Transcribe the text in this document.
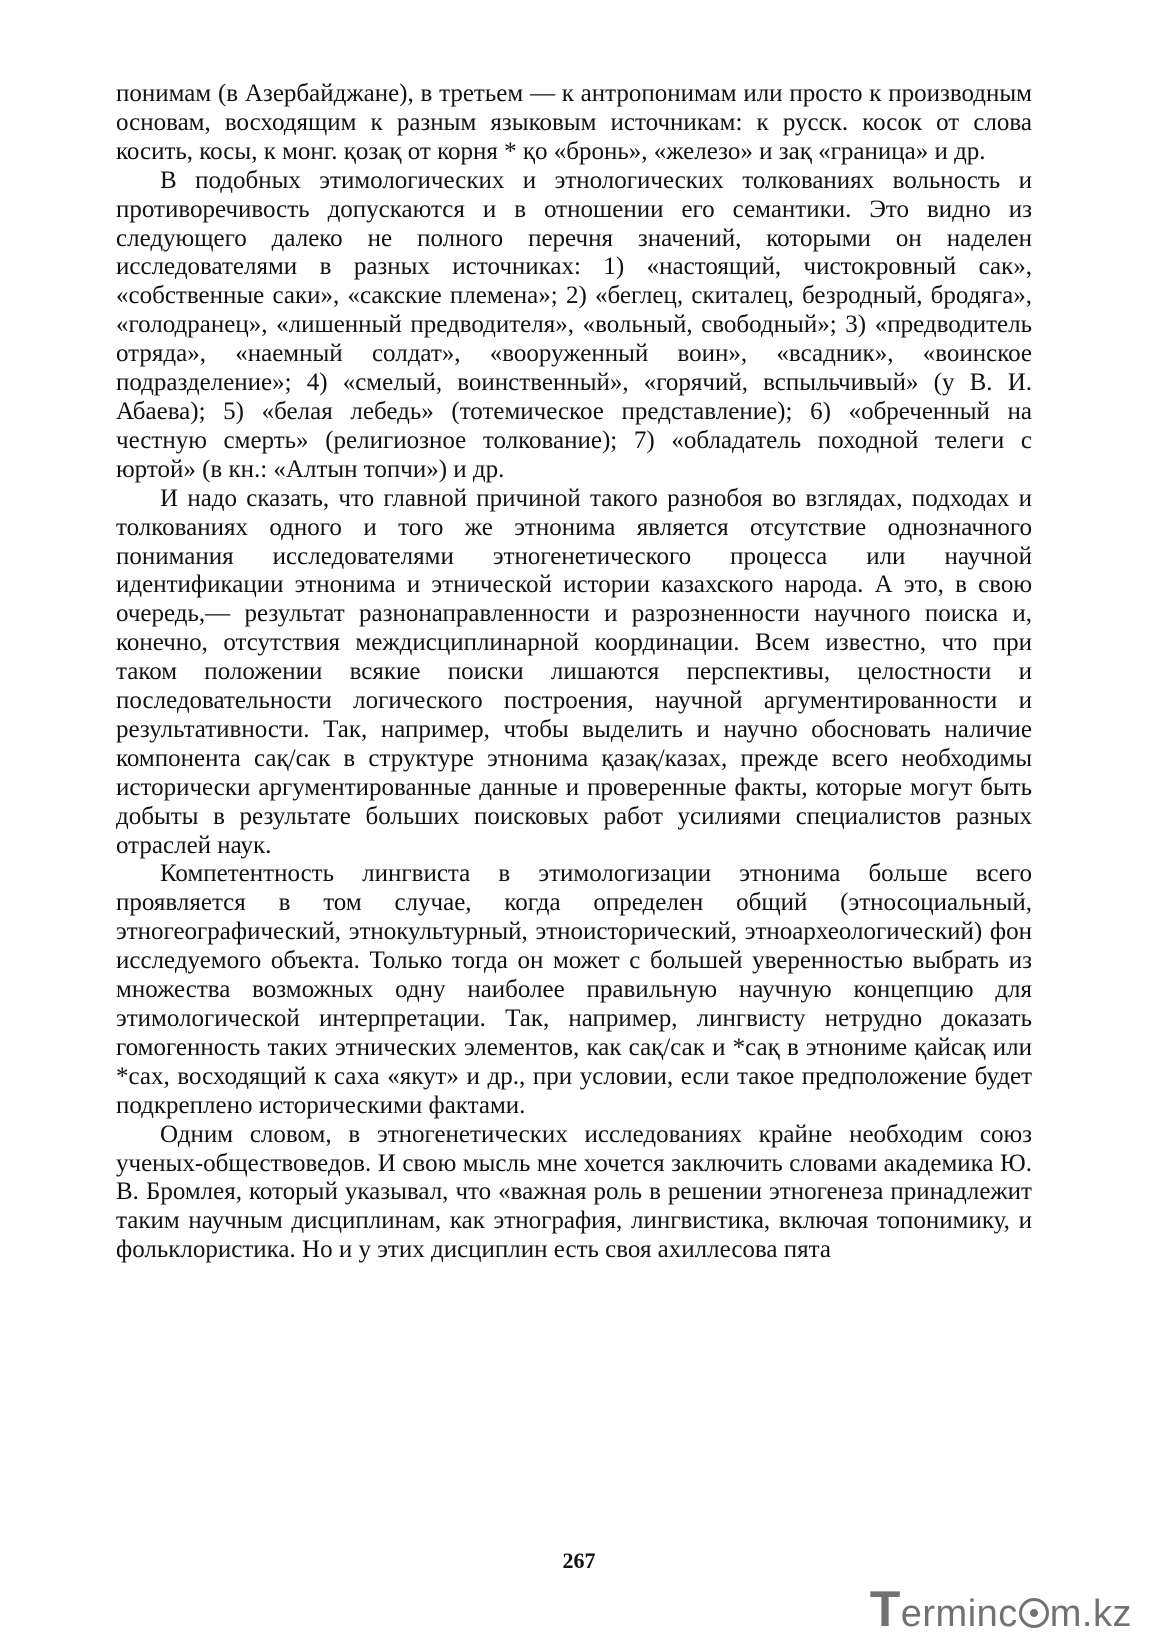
понимам (в Азербайджане), в третьем — к антропонимам или просто к производным основам, восходящим к разным языковым источникам: к русск. косок от слова косить, косы, к монг. қозақ от корня * қо «бронь», «железо» и зақ «граница» и др.

В подобных этимологических и этнологических толкованиях вольность и противоречивость допускаются и в отношении его семантики. Это видно из следующего далеко не полного перечня значений, которыми он наделен исследователями в разных источниках: 1) «настоящий, чистокровный сак», «собственные саки», «сакские племена»; 2) «беглец, скиталец, безродный, бродяга», «голодранец», «лишенный предводителя», «вольный, свободный»; 3) «предводитель отряда», «наемный солдат», «вооруженный воин», «всадник», «воинское подразделение»; 4) «смелый, воинственный», «горячий, вспыльчивый» (у В. И. Абаева); 5) «белая лебедь» (тотемическое представление); 6) «обреченный на честную смерть» (религиозное толкование); 7) «обладатель походной телеги с юртой» (в кн.: «Алтын топчи») и др.

И надо сказать, что главной причиной такого разнобоя во взглядах, подходах и толкованиях одного и того же этнонима является отсутствие однозначного понимания исследователями этногенетического процесса или научной идентификации этнонима и этнической истории казахского народа. А это, в свою очередь,— результат разнонаправленности и разрозненности научного поиска и, конечно, отсутствия междисциплинарной координации. Всем известно, что при таком положении всякие поиски лишаются перспективы, целостности и последовательности логического построения, научной аргументированности и результативности. Так, например, чтобы выделить и научно обосновать наличие компонента сақ/сак в структуре этнонима қазақ/казах, прежде всего необходимы исторически аргументированные данные и проверенные факты, которые могут быть добыты в результате больших поисковых работ усилиями специалистов разных отраслей наук.

Компетентность лингвиста в этимологизации этнонима больше всего проявляется в том случае, когда определен общий (этносоциальный, этногеографический, этнокультурный, этноисторический, этноархеологический) фон исследуемого объекта. Только тогда он может с большей уверенностью выбрать из множества возможных одну наиболее правильную научную концепцию для этимологической интерпретации. Так, например, лингвисту нетрудно доказать гомогенность таких этнических элементов, как сақ/сак и *сақ в этнониме қайсақ или *сах, восходящий к саха «якут» и др., при условии, если такое предположение будет подкреплено историческими фактами.

Одним словом, в этногенетических исследованиях крайне необходим союз ученых-обществоведов. И свою мысль мне хочется заключить словами академика Ю. В. Бромлея, который указывал, что «важная роль в решении этногенеза принадлежит таким научным дисциплинам, как этнография, лингвистика, включая топонимику, и фольклористика. Но и у этих дисциплин есть своя ахиллесова пята

267
Terminc m.kz
